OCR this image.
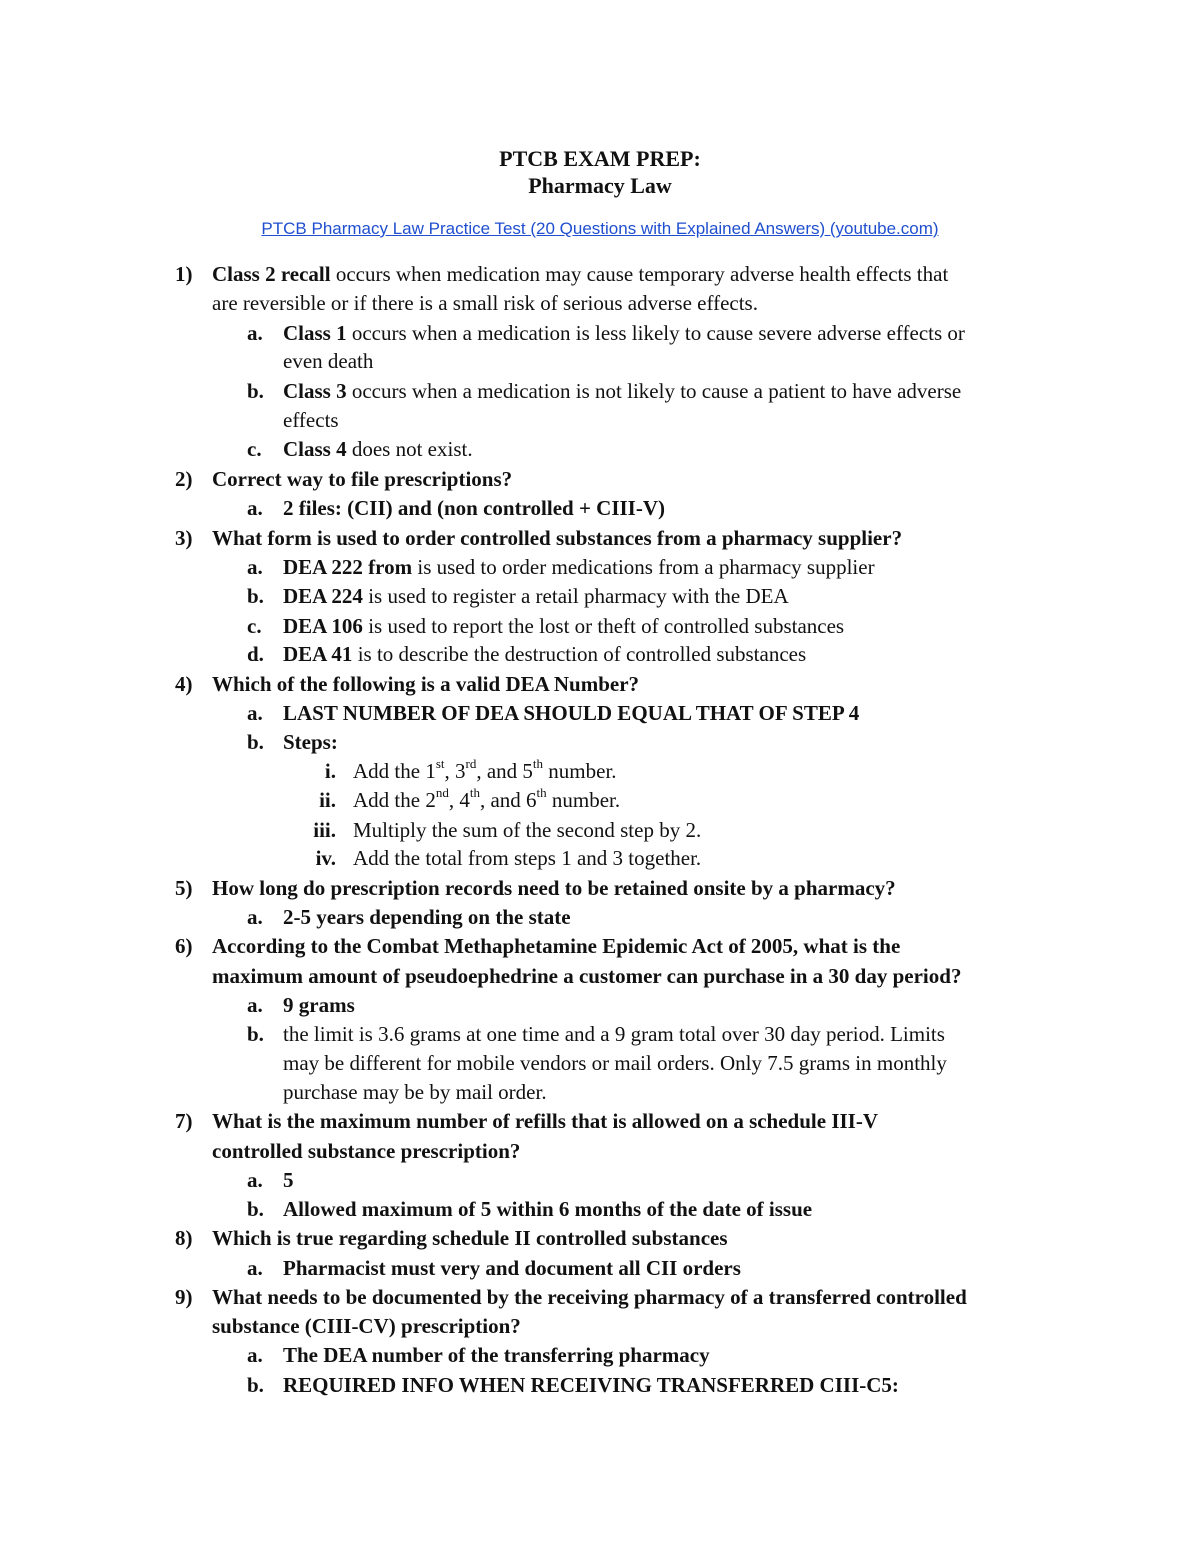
PTCB EXAM PREP:
Pharmacy Law
PTCB Pharmacy Law Practice Test (20 Questions with Explained Answers) (youtube.com)
1) Class 2 recall occurs when medication may cause temporary adverse health effects that
are reversible or if there is a small risk of serious adverse effects.
a. Class 1 occurs when a medication is less likely to cause severe adverse effects or
even death
b. Class 3 occurs when a medication is not likely to cause a patient to have adverse
effects
c. Class 4 does not exist.
2) Correct way to file prescriptions?
a. 2 files: (CII) and (non controlled + CIII-V)
3) What form is used to order controlled substances from a pharmacy supplier?
a. DEA 222 from is used to order medications from a pharmacy supplier
b. DEA 224 is used to register a retail pharmacy with the DEA
c. DEA 106 is used to report the lost or theft of controlled substances
d. DEA 41 is to describe the destruction of controlled substances
4) Which of the following is a valid DEA Number?
a. LAST NUMBER OF DEA SHOULD EQUAL THAT OF STEP 4
b. Steps:
i. Add the 1st, 3rd, and 5th number.
ii. Add the 2nd, 4th, and 6th number.
iii. Multiply the sum of the second step by 2.
iv. Add the total from steps 1 and 3 together.
5) How long do prescription records need to be retained onsite by a pharmacy?
a. 2-5 years depending on the state
6) According to the Combat Methaphetamine Epidemic Act of 2005, what is the
maximum amount of pseudoephedrine a customer can purchase in a 30 day period?
a. 9 grams
b. the limit is 3.6 grams at one time and a 9 gram total over 30 day period. Limits
may be different for mobile vendors or mail orders. Only 7.5 grams in monthly
purchase may be by mail order.
7) What is the maximum number of refills that is allowed on a schedule III-V
controlled substance prescription?
a. 5
b. Allowed maximum of 5 within 6 months of the date of issue
8) Which is true regarding schedule II controlled substances
a. Pharmacist must very and document all CII orders
9) What needs to be documented by the receiving pharmacy of a transferred controlled
substance (CIII-CV) prescription?
a. The DEA number of the transferring pharmacy
b. REQUIRED INFO WHEN RECEIVING TRANSFERRED CIII-C5:
